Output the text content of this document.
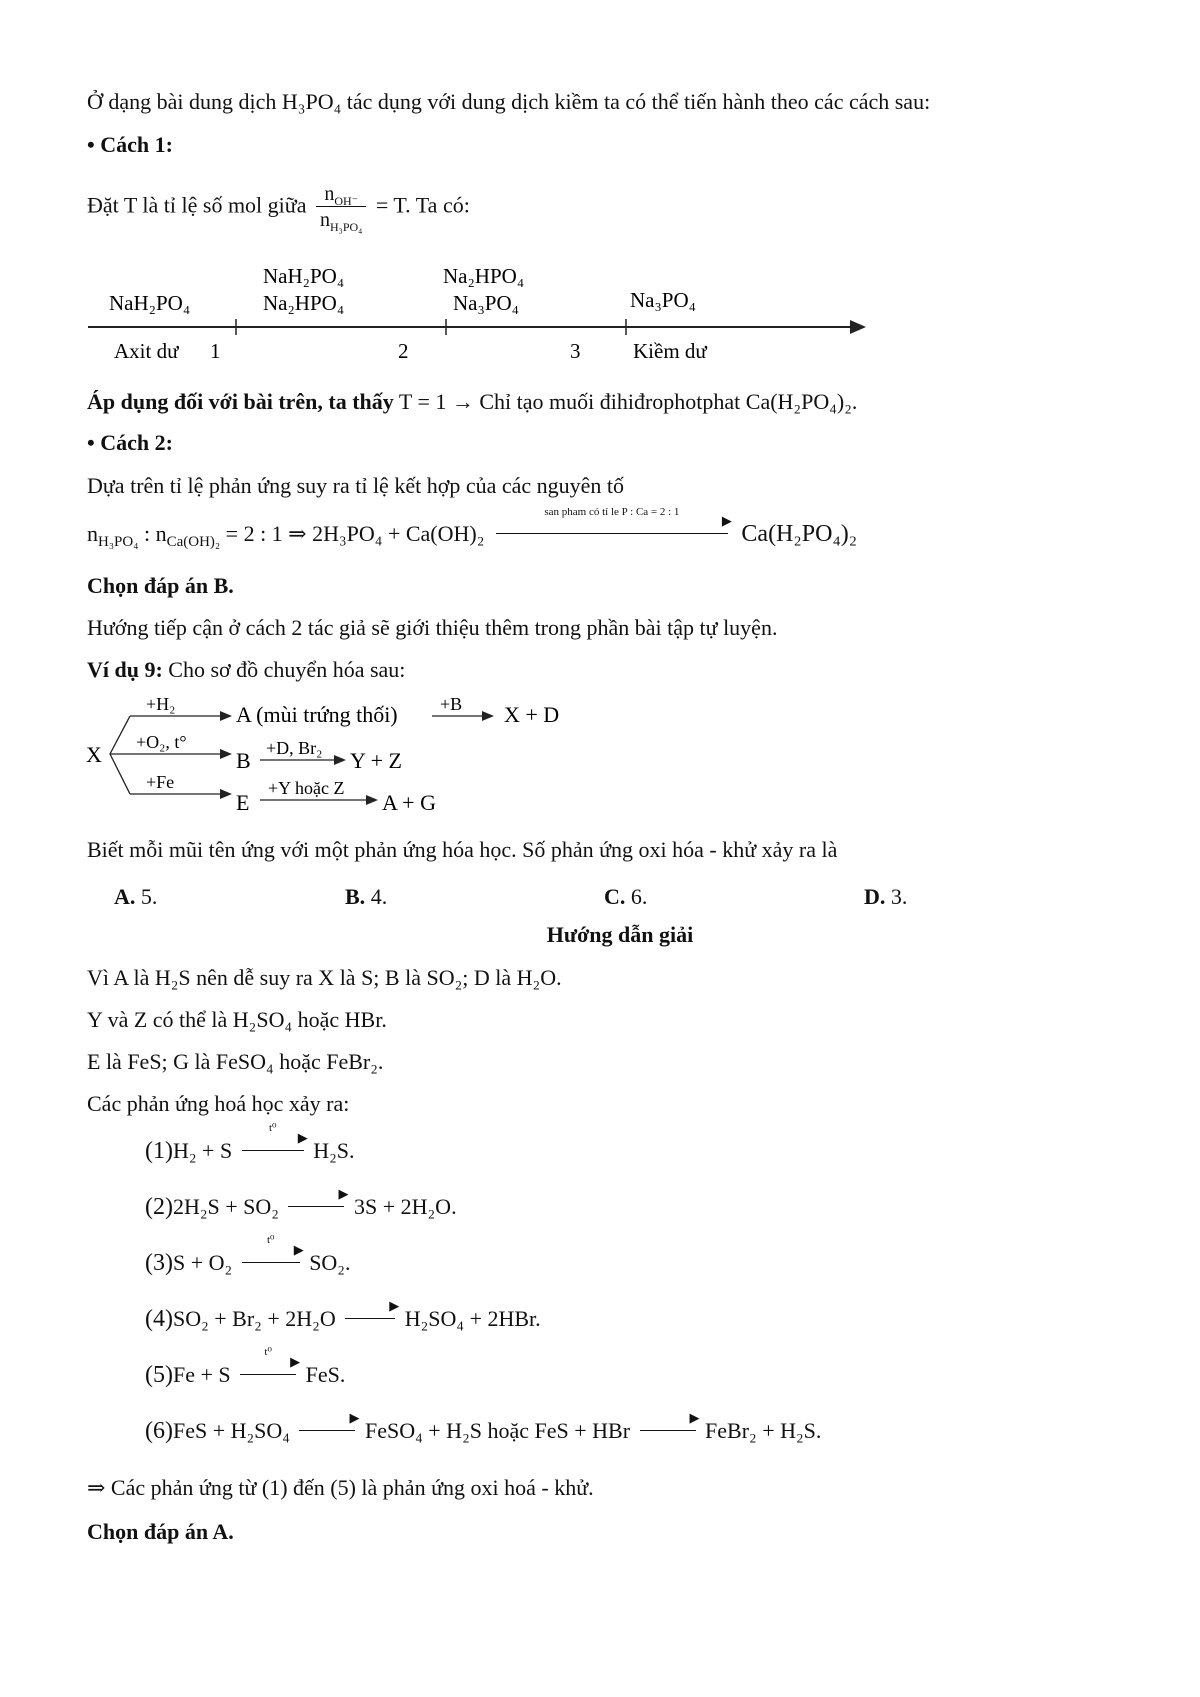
Ở dạng bài dung dịch H₃PO₄ tác dụng với dung dịch kiềm ta có thể tiến hành theo các cách sau:
• Cách 1:
Đặt T là tỉ lệ số mol giữa $\frac{n_{OH^-}}{n_{H_3PO_4}} = T$. Ta có:
NaH₂PO₄
NaH₂PO₄
Na₂HPO₄
Na₂HPO₄
Na₃PO₄	Na₃PO₄
Axit dư 1	2	3	Kiềm dư
Áp dụng đối với bài trên, ta thấy T = 1 → Chỉ tạo muối đihiđrophotphat Ca(H₂PO₄)₂.
• Cách 2:
Dựa trên tỉ lệ phản ứng suy ra tỉ lệ kết hợp của các nguyên tố
$n_{H_3PO_4}$ : $n_{Ca(OH)_2} = 2$ : 1 ⇒ 2H₃PO₄ + Ca(OH)₂
san pham có tỉ le P : Ca = 2 : 1
▶
Ca(H₂PO₄)₂
Chọn đáp án B.
Hướng tiếp cận ở cách 2 tác giả sẽ giới thiệu thêm trong phần bài tập tự luyện.
Ví dụ 9: Cho sơ đồ chuyển hóa sau:
X
+H₂
+O₂, t°
+Fe
A (mùi trứng thối) +B X + D
B +D, Br₂ Y + Z
E
+Y hoặc Z
A + G
Biết mỗi mũi tên ứng với một phản ứng hóa học. Số phản ứng oxi hóa - khử xảy ra là
A. 5.	B. 4.	C. 6.	D. 3.
Hướng dẫn giải
Vì A là H₂S nên dễ suy ra X là S; B là SO₂; D là H₂O.
Y và Z có thể là H₂SO₄ hoặc HBr.
E là FeS; G là FeSO₄ hoặc FeBr₂.
Các phản ứng hoá học xảy ra:
(1)H₂ + S
t⁰
▶
H₂S.
(2)2H₂S + SO₂
▶
3S + 2H₂O.
(3)S + O₂
t⁰
▶
SO₂.
(4)SO₂ + Br₂ + 2H₂O
▶
H₂SO₄ + 2HBr.
(5)Fe + S
t⁰
▶
FeS.
(6)FeS + H₂SO₄
▶
FeSO₄ + H₂S hoặc FeS + HBr
▶
FeBr₂ + H₂S.
⇒ Các phản ứng từ (1) đến (5) là phản ứng oxi hoá - khử.
Chọn đáp án A.
